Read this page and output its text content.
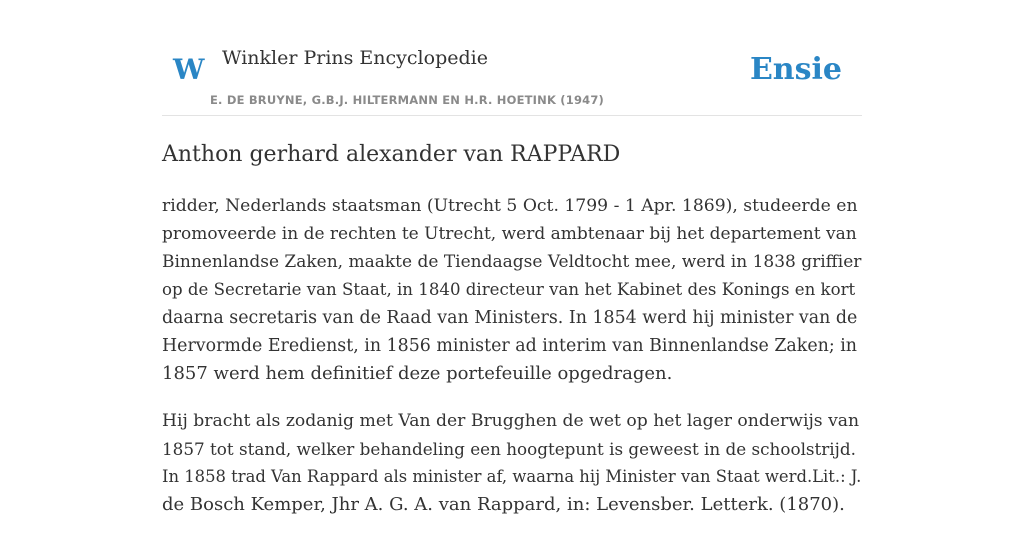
W Winkler Prins Encyclopedie
E. DE BRUYNE, G.B.J. HILTERMANN EN H.R. HOETINK (1947)
Ensie
Anthon gerhard alexander van RAPPARD

ridder, Nederlands staatsman (Utrecht 5 Oct. 1799 - 1 Apr. 1869), studeerde en
promoveerde in de rechten te Utrecht, werd ambtenaar bij het departement van
Binnenlandse Zaken, maakte de Tiendaagse Veldtocht mee, werd in 1838 griffier
op de Secretarie van Staat, in 1840 directeur van het Kabinet des Konings en kort
daarna secretaris van de Raad van Ministers. In 1854 werd hij minister van de
Hervormde Eredienst, in 1856 minister ad interim van Binnenlandse Zaken; in
1857 werd hem definitief deze portefeuille opgedragen.

Hij bracht als zodanig met Van der Brugghen de wet op het lager onderwijs van
1857 tot stand, welker behandeling een hoogtepunt is geweest in de schoolstrijd.
In 1858 trad Van Rappard als minister af, waarna hij Minister van Staat werd.Lit.: J.
de Bosch Kemper, Jhr A. G. A. van Rappard, in: Levensber. Letterk. (1870).
